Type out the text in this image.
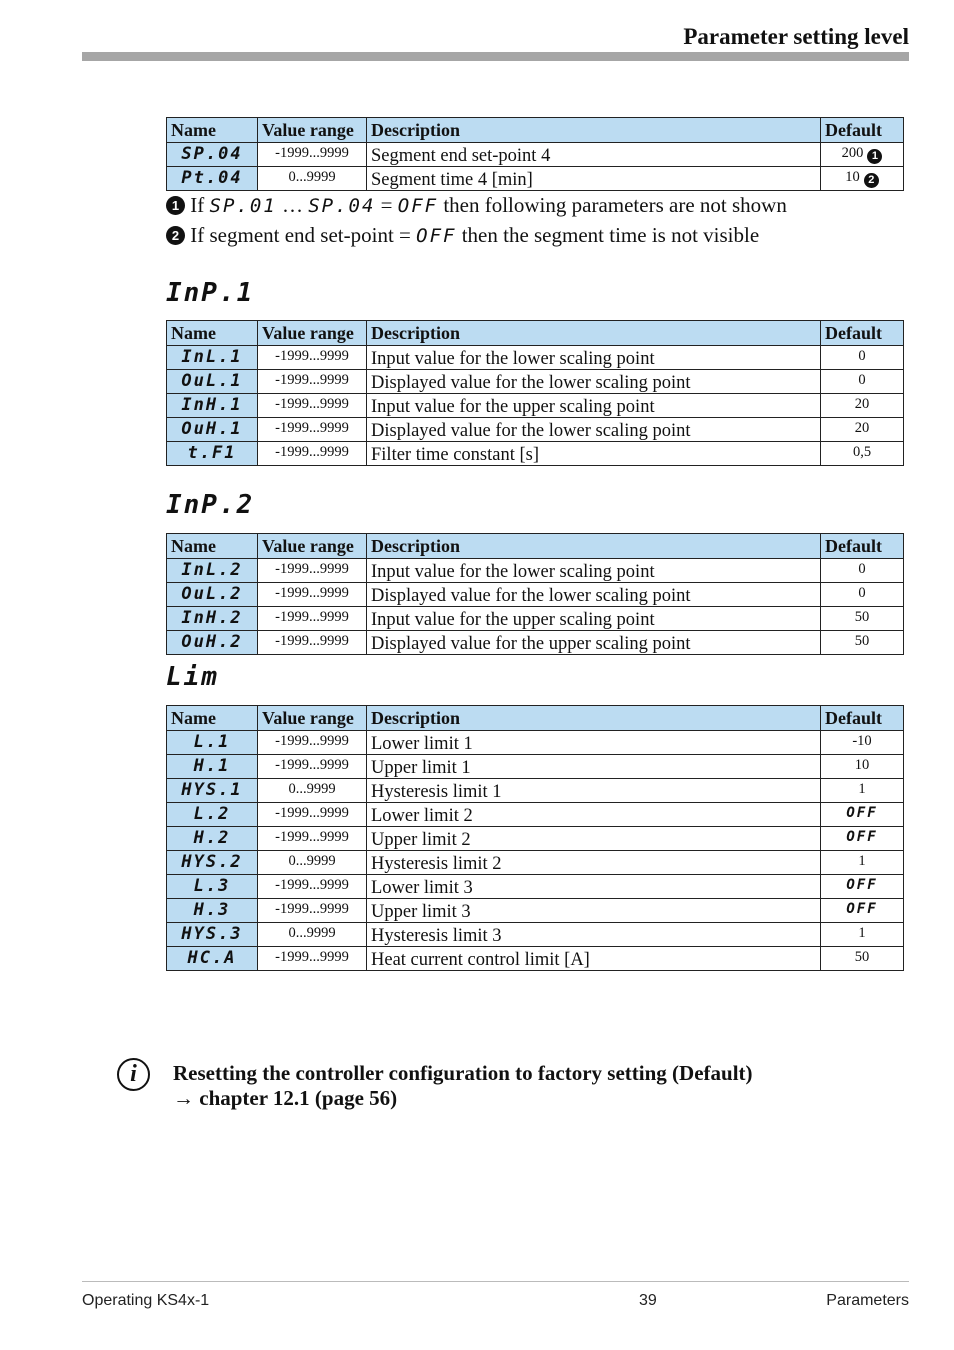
Parameter setting level
Name	Value range	Description	Default
SP.04	-1999...9999	Segment end set-point 4	200 1
Pt.04	0...9999	Segment time 4 [min]	10 2
1 If SP.01 … SP.04 = OFF then following parameters are not shown
2 If segment end set-point = OFF then the segment time is not visible
InP.1
Name	Value range	Description	Default
InL.1	-1999...9999	Input value for the lower scaling point	0
OuL.1	-1999...9999	Displayed value for the lower scaling point	0
InH.1	-1999...9999	Input value for the upper scaling point	20
OuH.1	-1999...9999	Displayed value for the lower scaling point	20
t.F1	-1999...9999	Filter time constant [s]	0,5
InP.2
Name	Value range	Description	Default
InL.2	-1999...9999	Input value for the lower scaling point	0
OuL.2	-1999...9999	Displayed value for the lower scaling point	0
InH.2	-1999...9999	Input value for the upper scaling point	50
OuH.2	-1999...9999	Displayed value for the upper scaling point	50
Lim
Name	Value range	Description	Default
L.1	-1999...9999	Lower limit 1	-10
H.1	-1999...9999	Upper limit 1	10
HYS.1	0...9999	Hysteresis limit 1	1
L.2	-1999...9999	Lower limit 2	OFF
H.2	-1999...9999	Upper limit 2	OFF
HYS.2	0...9999	Hysteresis limit 2	1
L.3	-1999...9999	Lower limit 3	OFF
H.3	-1999...9999	Upper limit 3	OFF
HYS.3	0...9999	Hysteresis limit 3	1
HC.A	-1999...9999	Heat current control limit [A]	50
i	Resetting the controller configuration to factory setting (Default)
→ chapter 12.1 (page 56)
Operating KS4x-1	39	Parameters
